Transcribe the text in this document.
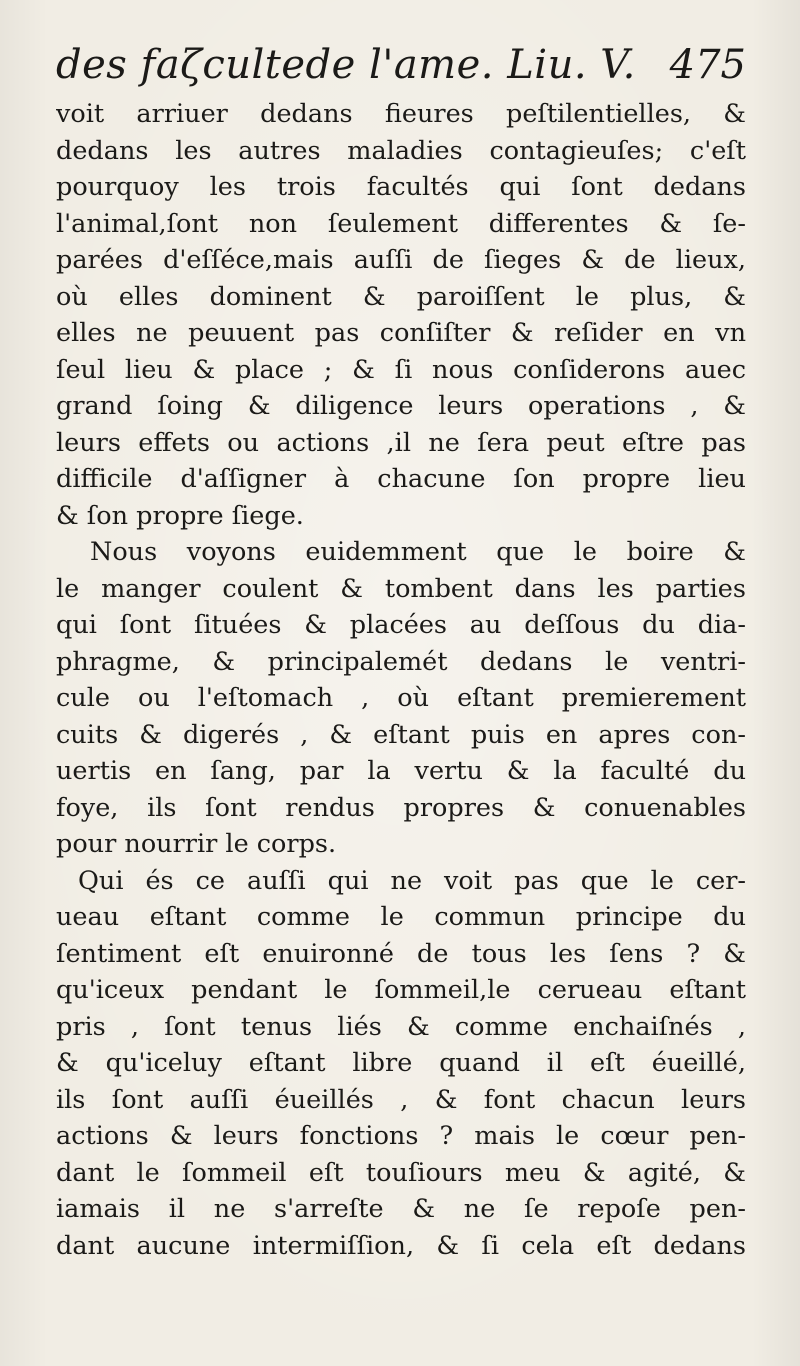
des faζcultede l'ame. Liu. V. 475
voit arriuer dedans fieures peſtilentielles, &
dedans les autres maladies contagieuſes; c'eſt
pourquoy les trois facultés qui ſont dedans
l'animal,ſont non ſeulement differentes & ſe-
parées d'eſſéce,mais auſſi de ſieges & de lieux,
où elles dominent & paroiſſent le plus, &
elles ne peuuent pas conſiſter & reſider en vn
ſeul lieu & place ; & ſi nous conſiderons auec
grand ſoing & diligence leurs operations , &
leurs effets ou actions ,il ne ſera peut eſtre pas
difficile d'aſſigner à chacune ſon propre lieu
& ſon propre ſiege.
Nous voyons euidemment que le boire &
le manger coulent & tombent dans les parties
qui ſont ſituées & placées au deſſous du dia-
phragme, & principalemét dedans le ventri-
cule ou l'eſtomach , où eſtant premierement
cuits & digerés , & eſtant puis en apres con-
uertis en ſang, par la vertu & la faculté du
foye, ils ſont rendus propres & conuenables
pour nourrir le corps.
Qui és ce auſſi qui ne voit pas que le cer-
ueau eſtant comme le commun principe du
ſentiment eſt enuironné de tous les ſens ? &
qu'iceux pendant le ſommeil,le cerueau eſtant
pris , ſont tenus liés & comme enchaiſnés ,
& qu'iceluy eſtant libre quand il eſt éueillé,
ils ſont auſſi éueillés , & font chacun leurs
actions & leurs fonctions ? mais le cœur pen-
dant le ſommeil eſt touſiours meu & agité, &
iamais il ne s'arreſte & ne ſe repoſe pen-
dant aucune intermiſſion, & ſi cela eſt dedans
